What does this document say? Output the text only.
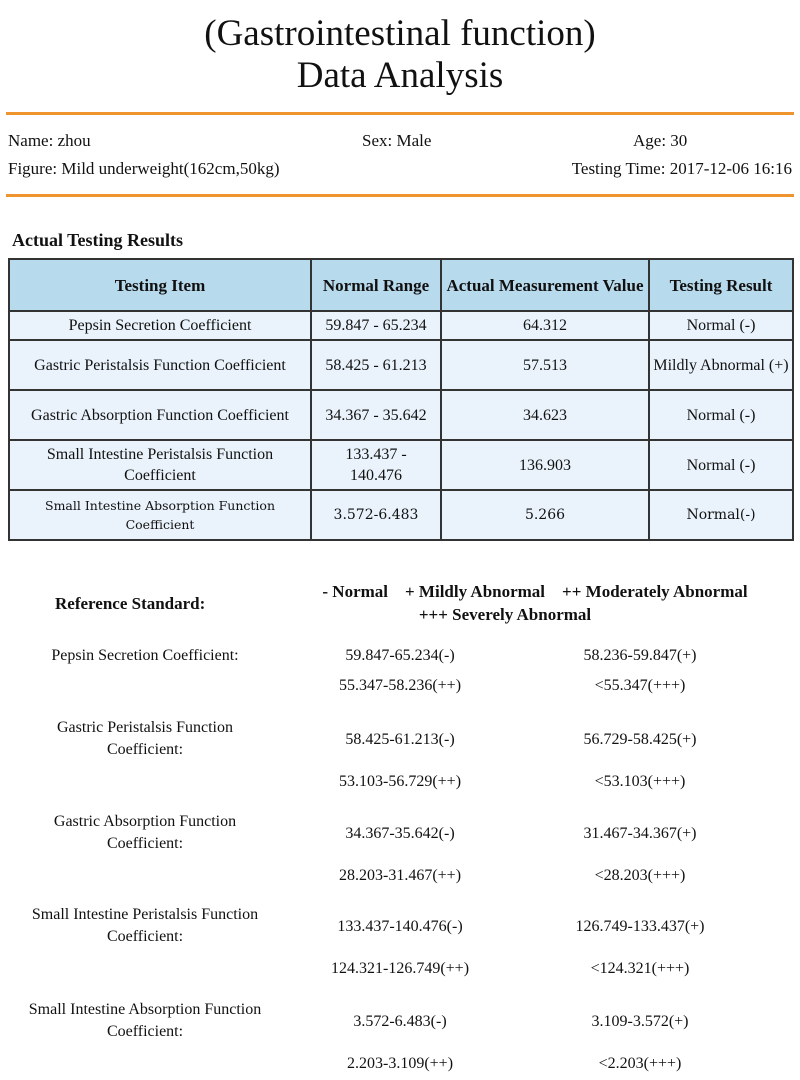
(Gastrointestinal function)
Data Analysis
Name: zhou	Sex: Male	Age: 30
Figure: Mild underweight(162cm,50kg)	Testing Time: 2017-12-06 16:16
Actual Testing Results
Testing Item	Normal Range	Actual Measurement Value	Testing Result
Pepsin Secretion Coefficient	59.847 - 65.234	64.312	Normal (-)
Gastric Peristalsis Function Coefficient	58.425 - 61.213	57.513	Mildly Abnormal (+)
Gastric Absorption Function Coefficient	34.367 - 35.642	34.623	Normal (-)
Small Intestine Peristalsis Function Coefficient	133.437 - 140.476	136.903	Normal (-)
Small Intestine Absorption Function Coefficient	3.572-6.483	5.266	Normal(-)
Reference Standard:
- Normal    + Mildly Abnormal    ++ Moderately Abnormal
+++ Severely Abnormal
Pepsin Secretion Coefficient:	59.847-65.234(-)	58.236-59.847(+)
55.347-58.236(++)	<55.347(+++)
Gastric Peristalsis Function Coefficient:
58.425-61.213(-)	56.729-58.425(+)
53.103-56.729(++)	<53.103(+++)
Gastric Absorption Function Coefficient:
34.367-35.642(-)	31.467-34.367(+)
28.203-31.467(++)	<28.203(+++)
Small Intestine Peristalsis Function Coefficient:
133.437-140.476(-)	126.749-133.437(+)
124.321-126.749(++)	<124.321(+++)
Small Intestine Absorption Function Coefficient:
3.572-6.483(-)	3.109-3.572(+)
2.203-3.109(++)	<2.203(+++)
